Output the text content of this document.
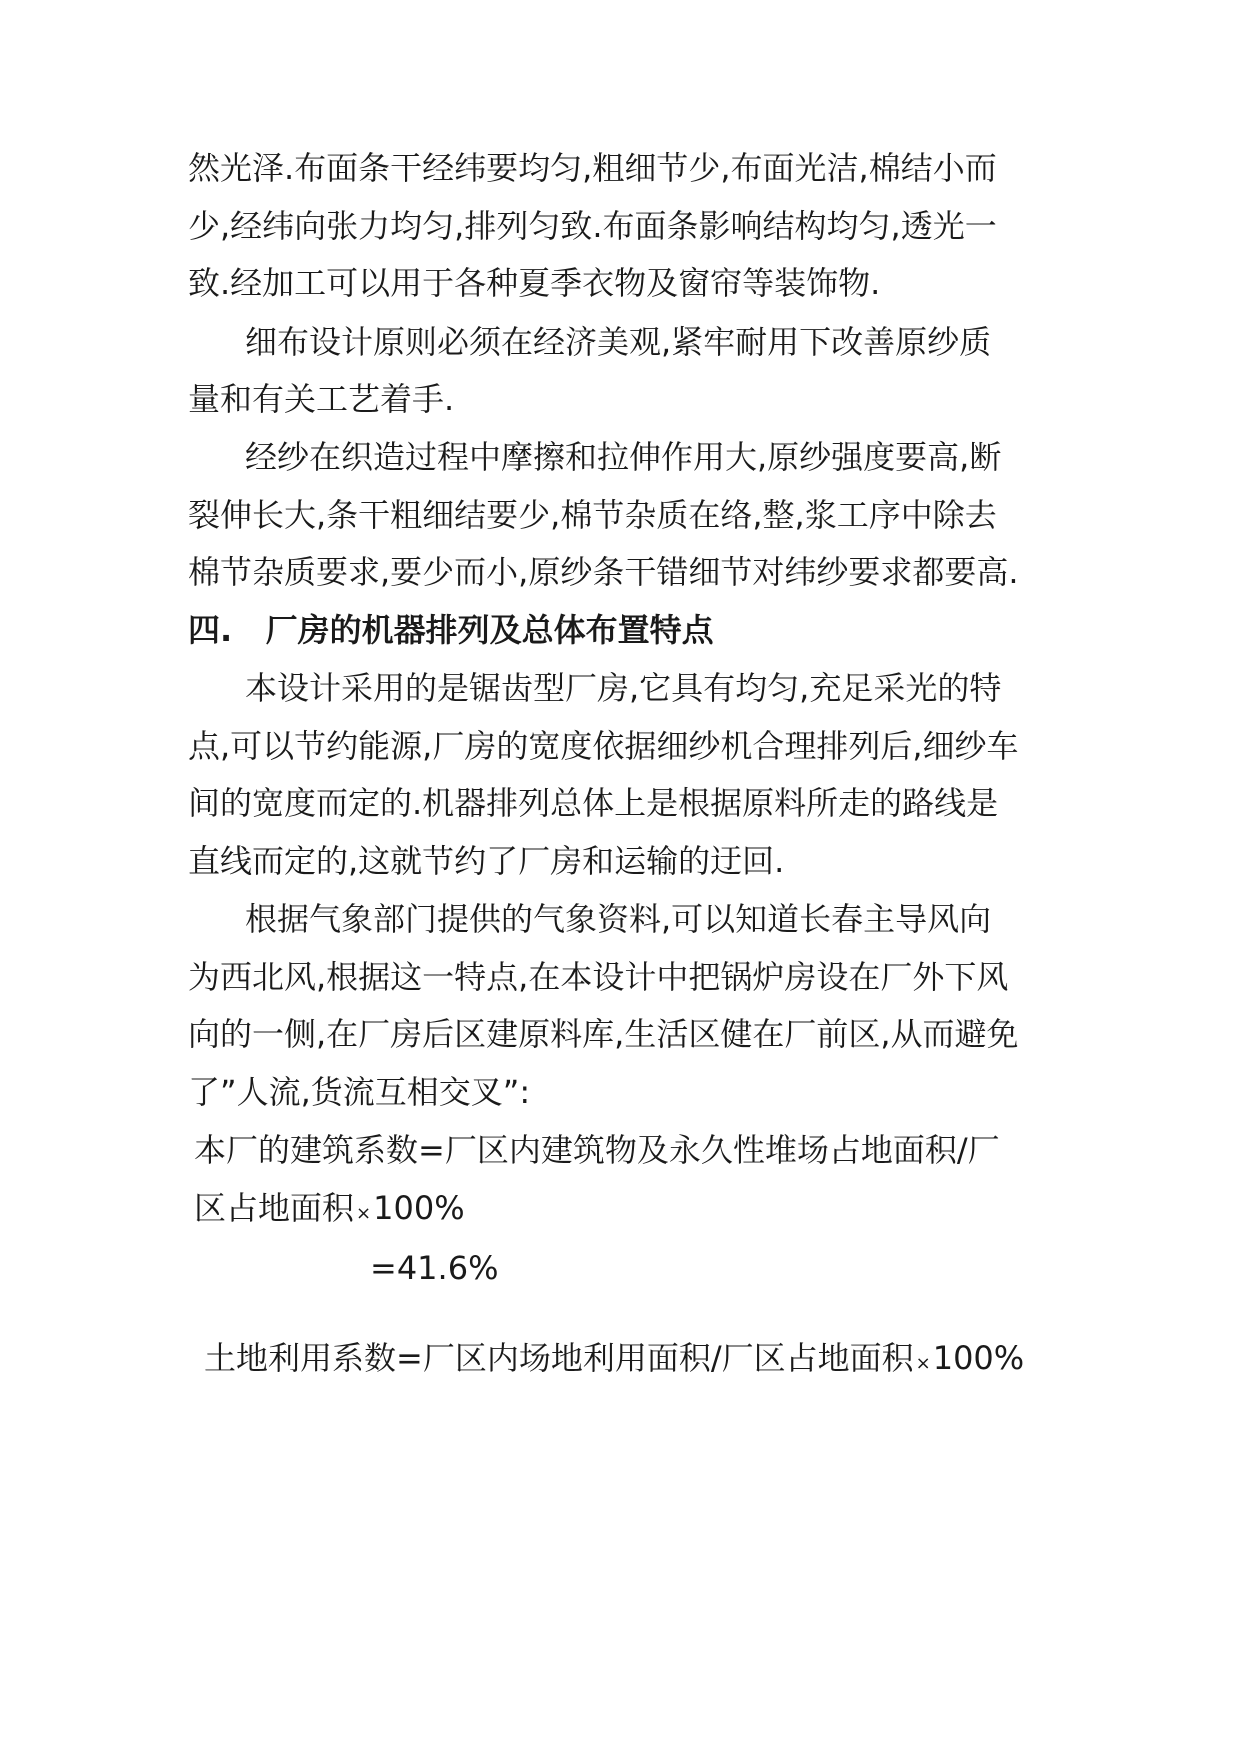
然光泽.布面条干经纬要均匀,粗细节少,布面光洁,棉结小而
少,经纬向张力均匀,排列匀致.布面条影响结构均匀,透光一
致.经加工可以用于各种夏季衣物及窗帘等装饰物.
细布设计原则必须在经济美观,紧牢耐用下改善原纱质
量和有关工艺着手.
经纱在织造过程中摩擦和拉伸作用大,原纱强度要高,断
裂伸长大,条干粗细结要少,棉节杂质在络,整,浆工序中除去
棉节杂质要求,要少而小,原纱条干错细节对纬纱要求都要高.
四.   厂房的机器排列及总体布置特点
本设计采用的是锯齿型厂房,它具有均匀,充足采光的特
点,可以节约能源,厂房的宽度依据细纱机合理排列后,细纱车
间的宽度而定的.机器排列总体上是根据原料所走的路线是
直线而定的,这就节约了厂房和运输的迂回.
根据气象部门提供的气象资料,可以知道长春主导风向
为西北风,根据这一特点,在本设计中把锅炉房设在厂外下风
向的一侧,在厂房后区建原料库,生活区健在厂前区,从而避免
了”人流,货流互相交叉”:
本厂的建筑系数=厂区内建筑物及永久性堆场占地面积/厂
区占地面积 ×100%
=41.6%
土地利用系数=厂区内场地利用面积/厂区占地面积 ×100%
